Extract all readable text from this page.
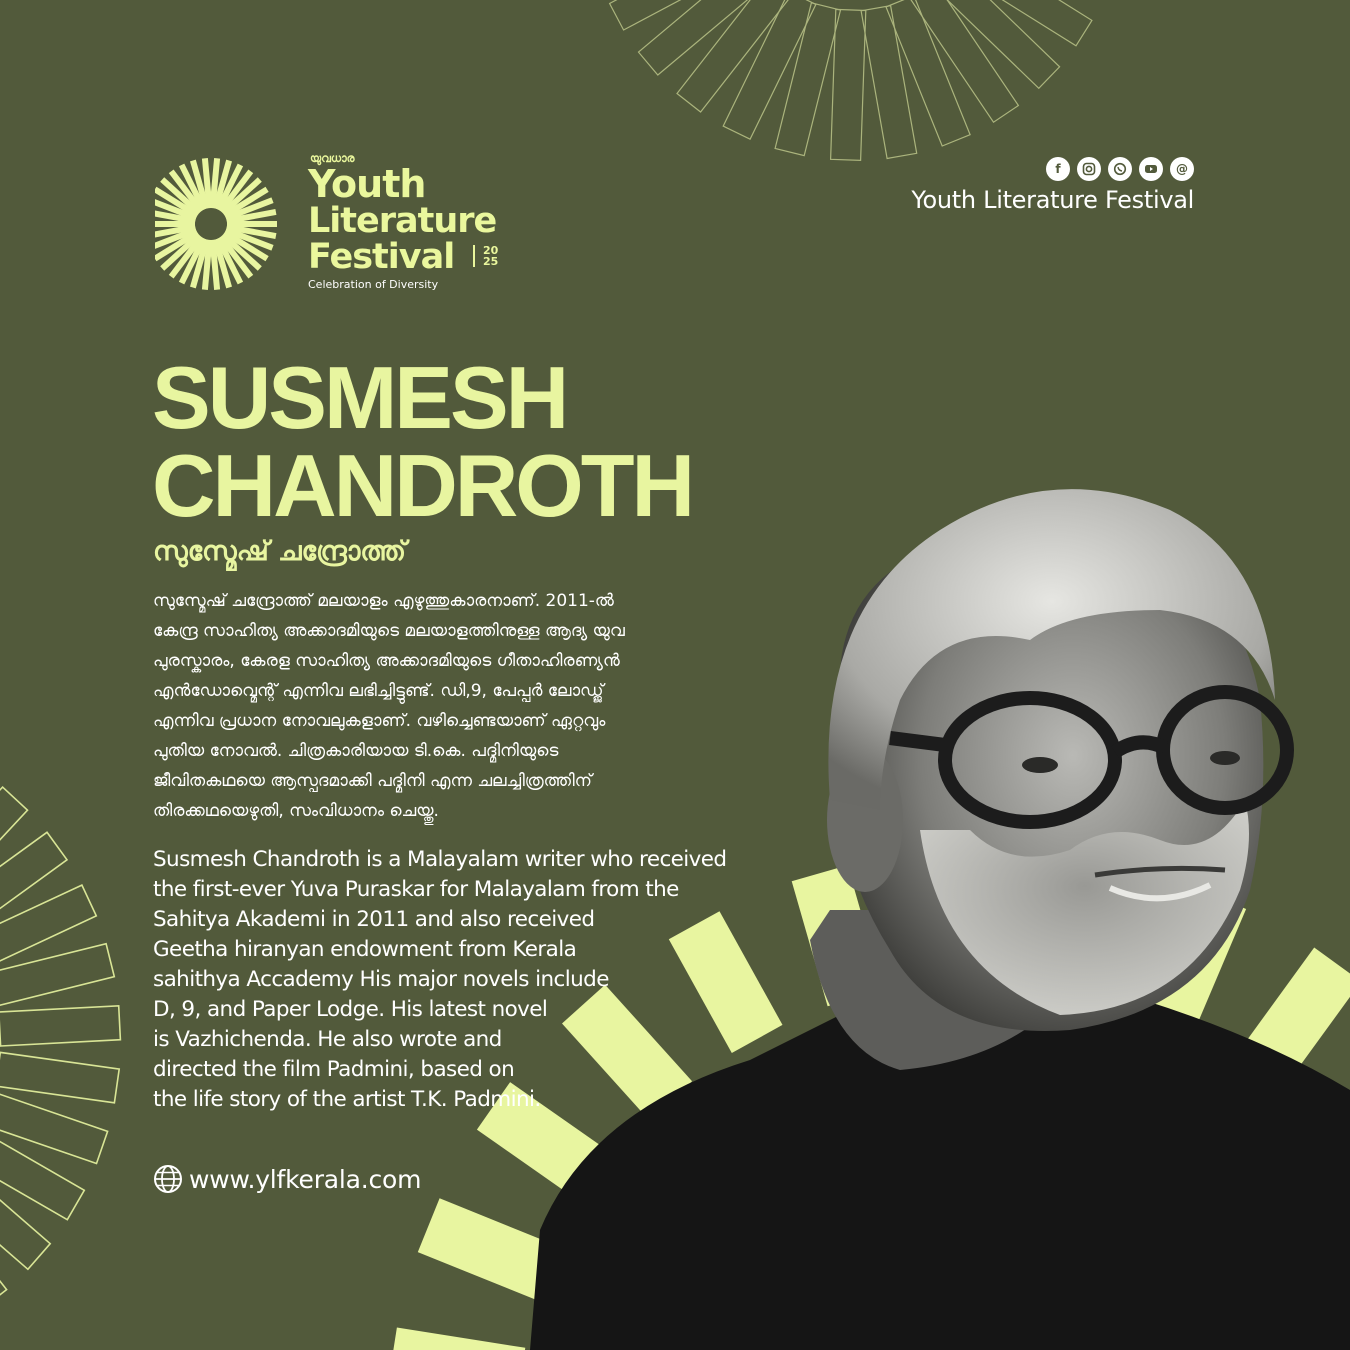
യുവധാര
Youth
Literature
Festival	20
25
Celebration of Diversity
f	@
Youth Literature Festival
SUSMESH
CHANDROTH
സുസ്മേഷ് ചന്ദ്രോത്ത്
സുസ്മേഷ് ചന്ദ്രോത്ത് മലയാളം എഴുത്തുകാരനാണ്. 2011-ൽ
കേന്ദ്ര സാഹിത്യ അക്കാദമിയുടെ മലയാളത്തിനുള്ള ആദ്യ യുവ
പുരസ്കാരം, കേരള സാഹിത്യ അക്കാദമിയുടെ ഗീതാഹിരണ്യൻ
എൻഡോവ്മെന്റ് എന്നിവ ലഭിച്ചിട്ടുണ്ട്. ഡി,9, പേപ്പർ ലോഡ്ജ്
എന്നിവ പ്രധാന നോവലുകളാണ്. വഴിച്ചെണ്ടയാണ് ഏറ്റവും
പുതിയ നോവൽ. ചിത്രകാരിയായ ടി.കെ. പദ്മിനിയുടെ
ജീവിതകഥയെ ആസ്പദമാക്കി പദ്മിനി എന്ന ചലച്ചിത്രത്തിന്
തിരക്കഥയെഴുതി, സംവിധാനം ചെയ്തു.
Susmesh Chandroth is a Malayalam writer who received
the first-ever Yuva Puraskar for Malayalam from the
Sahitya Akademi in 2011 and also received
Geetha hiranyan endowment from Kerala
sahithya Accademy His major novels include
D, 9, and Paper Lodge. His latest novel
is Vazhichenda. He also wrote and
directed the film Padmini, based on
the life story of the artist T.K. Padmini.
www.ylfkerala.com
